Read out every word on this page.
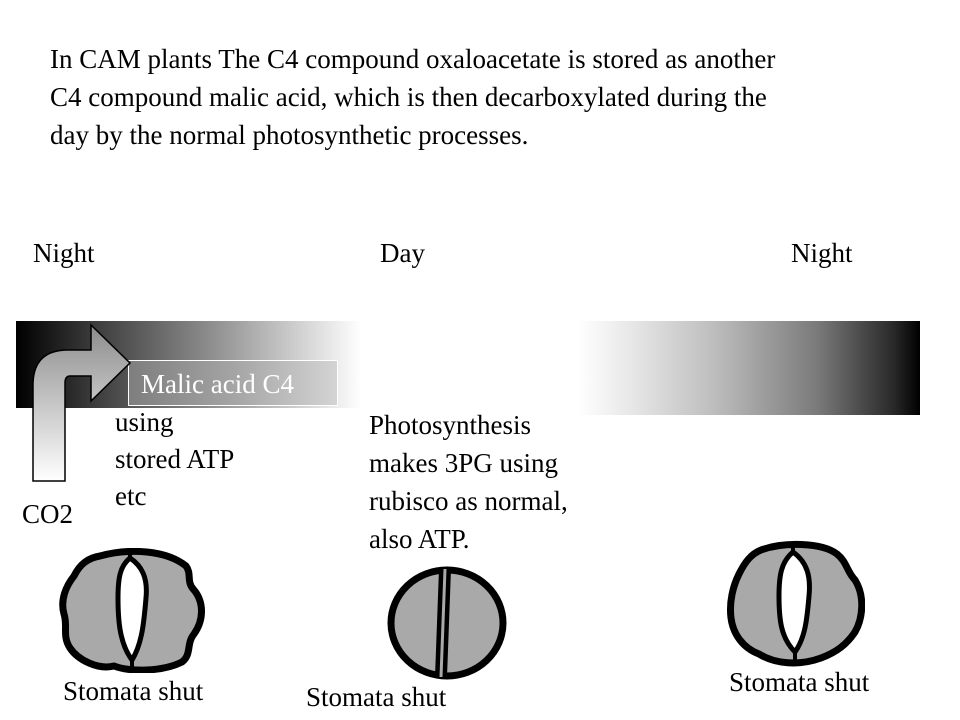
In CAM plants The C4 compound oxaloacetate is stored as another
C4 compound malic acid, which is then decarboxylated during the
day by the normal photosynthetic processes.
Night	Day	Night
Malic acid C4
using
stored ATP
etc
CO2
Photosynthesis
makes 3PG using
rubisco as normal,
also ATP.
Stomata shut	Stomata shut	Stomata shut
